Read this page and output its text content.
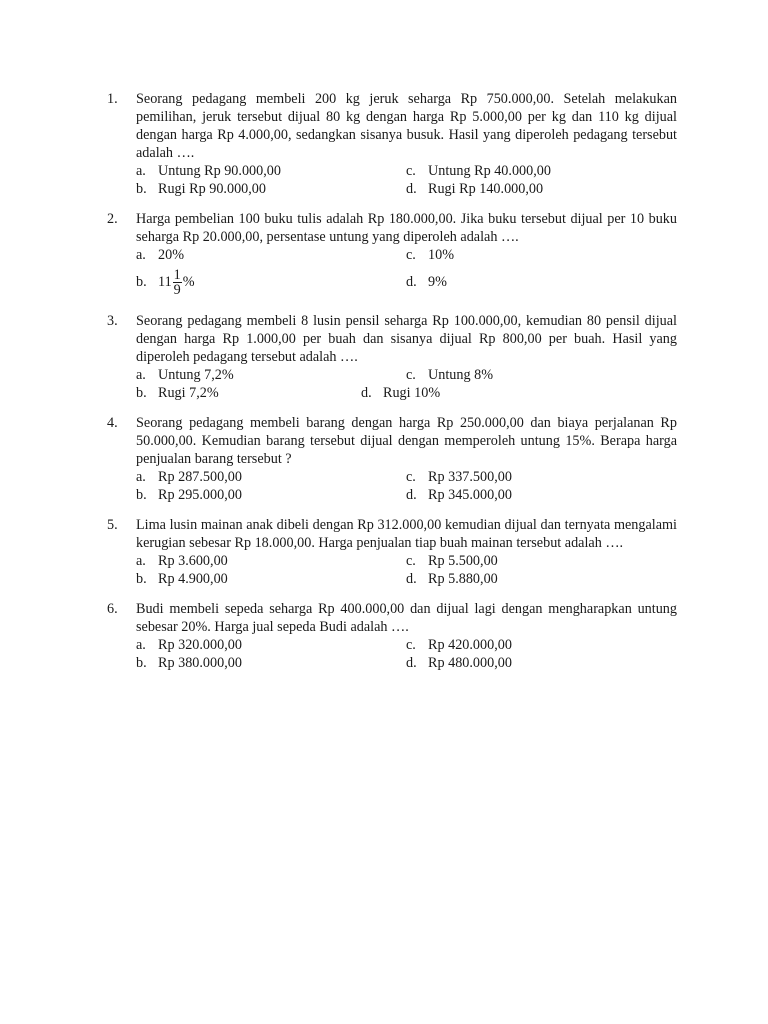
1. Seorang pedagang membeli 200 kg jeruk seharga Rp 750.000,00. Setelah melakukan pemilihan, jeruk tersebut dijual 80 kg dengan harga Rp 5.000,00 per kg dan 110 kg dijual dengan harga Rp 4.000,00, sedangkan sisanya busuk. Hasil yang diperoleh pedagang tersebut adalah ….
a. Untung Rp 90.000,00	c. Untung Rp 40.000,00
b. Rugi Rp 90.000,00	d. Rugi Rp 140.000,00
2. Harga pembelian 100 buku tulis adalah Rp 180.000,00. Jika buku tersebut dijual per 10 buku seharga Rp 20.000,00, persentase untung yang diperoleh adalah ….
a. 20%	c. 10%
b. $11 \frac{1}{9}$ %	d. 9%
3. Seorang pedagang membeli 8 lusin pensil seharga Rp 100.000,00, kemudian 80 pensil dijual dengan harga Rp 1.000,00 per buah dan sisanya dijual Rp 800,00 per buah. Hasil yang diperoleh pedagang tersebut adalah ….
a. Untung 7,2%	c. Untung 8%
b. Rugi 7,2%	d. Rugi 10%
4. Seorang pedagang membeli barang dengan harga Rp 250.000,00 dan biaya perjalanan Rp 50.000,00. Kemudian barang tersebut dijual dengan memperoleh untung 15%. Berapa harga penjualan barang tersebut ?
a. Rp 287.500,00	c. Rp 337.500,00
b. Rp 295.000,00	d. Rp 345.000,00
5. Lima lusin mainan anak dibeli dengan Rp 312.000,00 kemudian dijual dan ternyata mengalami kerugian sebesar Rp 18.000,00. Harga penjualan tiap buah mainan tersebut adalah ….
a. Rp 3.600,00	c. Rp 5.500,00
b. Rp 4.900,00	d. Rp 5.880,00
6. Budi membeli sepeda seharga Rp 400.000,00 dan dijual lagi dengan mengharapkan untung sebesar 20%. Harga jual sepeda Budi adalah ….
a. Rp 320.000,00	c. Rp 420.000,00
b. Rp 380.000,00	d. Rp 480.000,00
